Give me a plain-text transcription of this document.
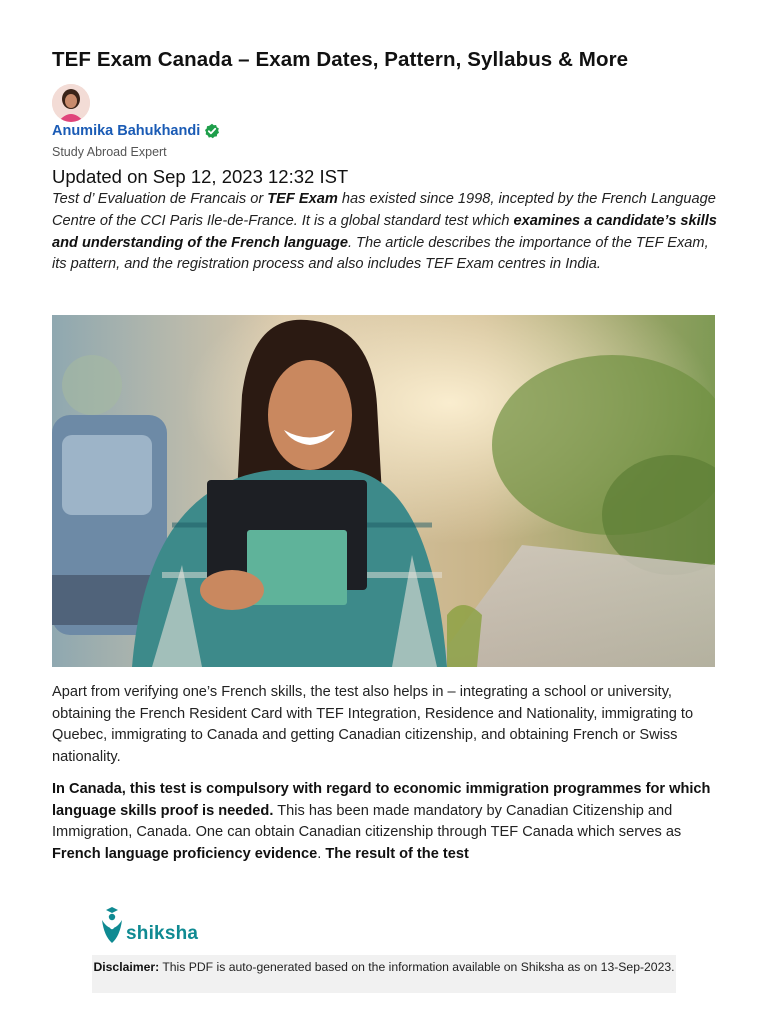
TEF Exam Canada – Exam Dates, Pattern, Syllabus & More
Anumika Bahukhandi
Study Abroad Expert
Updated on Sep 12, 2023 12:32 IST

Test d’ Evaluation de Francais or TEF Exam has existed since 1998, incepted by the French Language Centre of the CCI Paris Ile-de-France. It is a global standard test which examines a candidate’s skills and understanding of the French language. The article describes the importance of the TEF Exam, its pattern, and the registration process and also includes TEF Exam centres in India.

Apart from verifying one’s French skills, the test also helps in – integrating a school or university, obtaining the French Resident Card with TEF Integration, Residence and Nationality, immigrating to Quebec, immigrating to Canada and getting Canadian citizenship, and obtaining French or Swiss nationality.

In Canada, this test is compulsory with regard to economic immigration programmes for which language skills proof is needed. This has been made mandatory by Canadian Citizenship and Immigration, Canada. One can obtain Canadian citizenship through TEF Canada which serves as French language proficiency evidence. The result of the test

shiksha
Disclaimer: This PDF is auto-generated based on the information available on Shiksha as on 13-Sep-2023.
